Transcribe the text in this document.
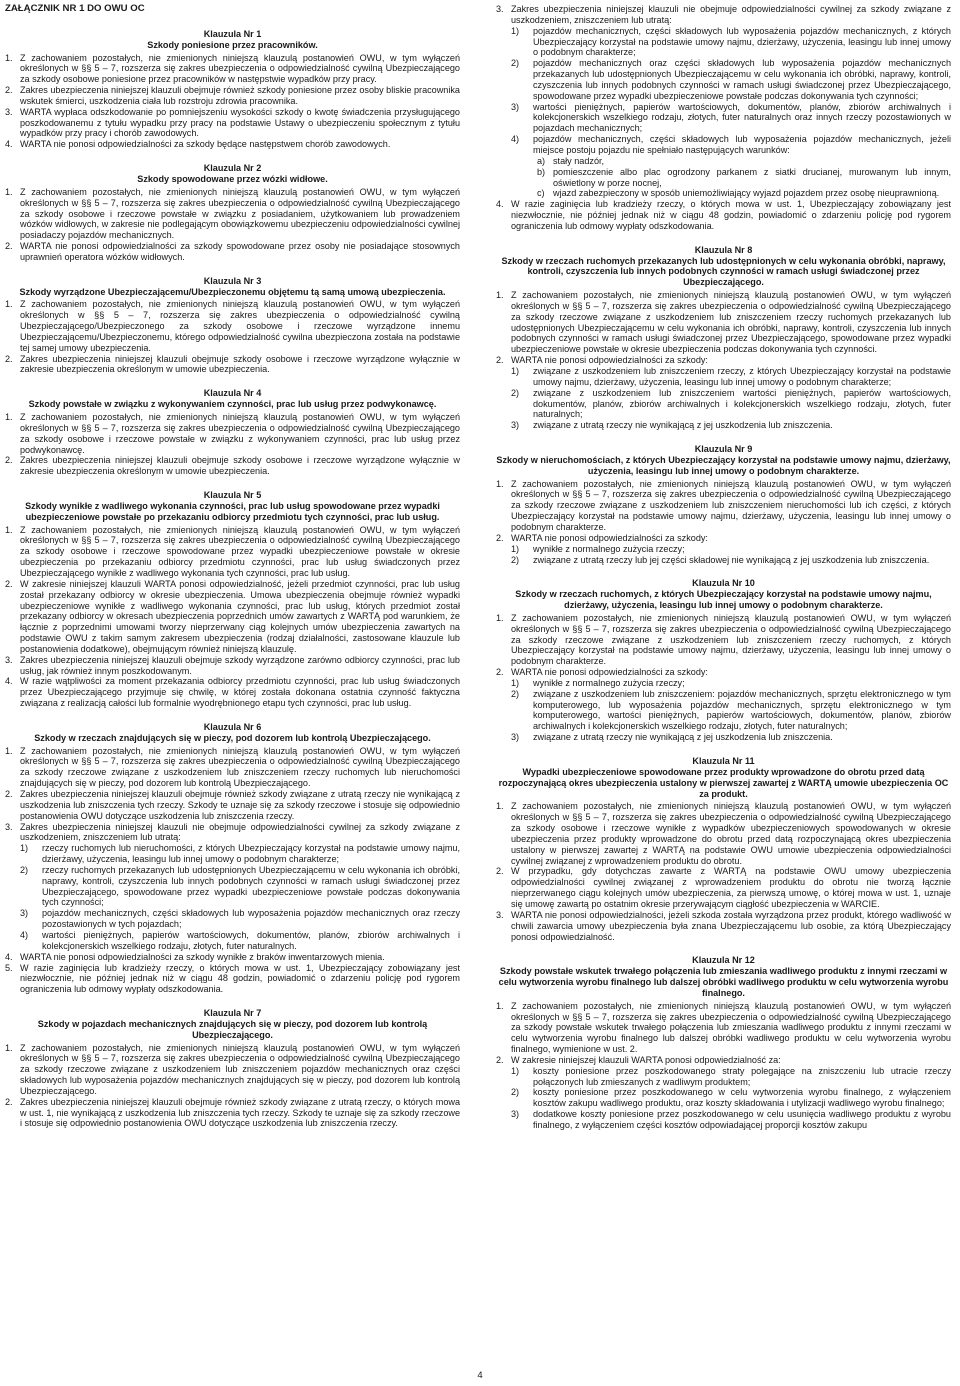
ZAŁĄCZNIK NR 1 DO OWU OC

Klauzula Nr 1

Szkody poniesione przez pracowników.

1. Z zachowaniem pozostałych, nie zmienionych niniejszą klauzulą postanowień OWU, w tym wyłączeń określonych w §§ 5 – 7, rozszerza się zakres ubezpieczenia o odpowiedzialność cywilną Ubezpieczającego za szkody osobowe poniesione przez pracowników w następstwie wypadków przy pracy.
2. Zakres ubezpieczenia niniejszej klauzuli obejmuje również szkody poniesione przez osoby bliskie pracownika wskutek śmierci, uszkodzenia ciała lub rozstroju zdrowia pracownika.
3. WARTA wypłaca odszkodowanie po pomniejszeniu wysokości szkody o kwotę świadczenia przysługującego poszkodowanemu z tytułu wypadku przy pracy na podstawie Ustawy o ubezpieczeniu społecznym z tytułu wypadków przy pracy i chorób zawodowych.
4. WARTA nie ponosi odpowiedzialności za szkody będące następstwem chorób zawodowych.

Klauzula Nr 2

Szkody spowodowane przez wózki widłowe.

1. Z zachowaniem pozostałych, nie zmienionych niniejszą klauzulą postanowień OWU, w tym wyłączeń określonych w §§ 5 – 7, rozszerza się zakres ubezpieczenia o odpowiedzialność cywilną Ubezpieczającego za szkody osobowe i rzeczowe powstałe w związku z posiadaniem, użytkowaniem lub prowadzeniem wózków widłowych, w zakresie nie podlegającym obowiązkowemu ubezpieczeniu odpowiedzialności cywilnej posiadaczy pojazdów mechanicznych.
2. WARTA nie ponosi odpowiedzialności za szkody spowodowane przez osoby nie posiadające stosownych uprawnień operatora wózków widłowych.

Klauzula Nr 3

Szkody wyrządzone Ubezpieczającemu/Ubezpieczonemu objętemu tą samą umową ubezpieczenia.

1. Z zachowaniem pozostałych, nie zmienionych niniejszą klauzulą postanowień OWU, w tym wyłączeń określonych w §§ 5 – 7, rozszerza się zakres ubezpieczenia o odpowiedzialność cywilną Ubezpieczającego/Ubezpieczonego za szkody osobowe i rzeczowe wyrządzone innemu Ubezpieczającemu/Ubezpieczonemu, którego odpowiedzialność cywilna ubezpieczona została na podstawie tej samej umowy ubezpieczenia.
2. Zakres ubezpieczenia niniejszej klauzuli obejmuje szkody osobowe i rzeczowe wyrządzone wyłącznie w zakresie ubezpieczenia określonym w umowie ubezpieczenia.

Klauzula Nr 4

Szkody powstałe w związku z wykonywaniem czynności, prac lub usług przez podwykonawcę.

1. Z zachowaniem pozostałych, nie zmienionych niniejszą klauzulą postanowień OWU, w tym wyłączeń określonych w §§ 5 – 7, rozszerza się zakres ubezpieczenia o odpowiedzialność cywilną Ubezpieczającego za szkody osobowe i rzeczowe powstałe w związku z wykonywaniem czynności, prac lub usług przez podwykonawcę.
2. Zakres ubezpieczenia niniejszej klauzuli obejmuje szkody osobowe i rzeczowe wyrządzone wyłącznie w zakresie ubezpieczenia określonym w umowie ubezpieczenia.

Klauzula Nr 5

Szkody wynikłe z wadliwego wykonania czynności, prac lub usług spowodowane przez wypadki ubezpieczeniowe powstałe po przekazaniu odbiorcy przedmiotu tych czynności, prac lub usług.

1. Z zachowaniem pozostałych, nie zmienionych niniejszą klauzulą postanowień OWU, w tym wyłączeń określonych w §§ 5 – 7, rozszerza się zakres ubezpieczenia o odpowiedzialność cywilną Ubezpieczającego za szkody osobowe i rzeczowe spowodowane przez wypadki ubezpieczeniowe powstałe w okresie ubezpieczenia po przekazaniu odbiorcy przedmiotu czynności, prac lub usług świadczonych przez Ubezpieczającego wynikłe z wadliwego wykonania tych czynności, prac lub usług.
2. W zakresie niniejszej klauzuli WARTA ponosi odpowiedzialność, jeżeli przedmiot czynności, prac lub usług został przekazany odbiorcy w okresie ubezpieczenia. Umowa ubezpieczenia obejmuje również wypadki ubezpieczeniowe wynikłe z wadliwego wykonania czynności, prac lub usług, których przedmiot został przekazany odbiorcy w okresach ubezpieczenia poprzednich umów zawartych z WARTĄ pod warunkiem, że łącznie z poprzednimi umowami tworzy nieprzerwany ciąg kolejnych umów ubezpieczenia zawartych na podstawie OWU z takim samym zakresem ubezpieczenia (rodzaj działalności, zastosowane klauzule lub postanowienia dodatkowe), obejmującym również niniejszą klauzulę.
3. Zakres ubezpieczenia niniejszej klauzuli obejmuje szkody wyrządzone zarówno odbiorcy czynności, prac lub usług, jak również innym poszkodowanym.
4. W razie wątpliwości za moment przekazania odbiorcy przedmiotu czynności, prac lub usług świadczonych przez Ubezpieczającego przyjmuje się chwilę, w której została dokonana ostatnia czynność faktyczna związana z realizacją całości lub formalnie wyodrębnionego etapu tych czynności, prac lub usług.

Klauzula Nr 6

Szkody w rzeczach znajdujących się w pieczy, pod dozorem lub kontrolą Ubezpieczającego.

1. Z zachowaniem pozostałych, nie zmienionych niniejszą klauzulą postanowień OWU, w tym wyłączeń określonych w §§ 5 – 7, rozszerza się zakres ubezpieczenia o odpowiedzialność cywilną Ubezpieczającego za szkody rzeczowe związane z uszkodzeniem lub zniszczeniem rzeczy ruchomych lub nieruchomości znajdujących się w pieczy, pod dozorem lub kontrolą Ubezpieczającego.
2. Zakres ubezpieczenia niniejszej klauzuli obejmuje również szkody związane z utratą rzeczy nie wynikającą z uszkodzenia lub zniszczenia tych rzeczy. Szkody te uznaje się za szkody rzeczowe i stosuje się odpowiednio postanowienia OWU dotyczące uszkodzenia lub zniszczenia rzeczy.
3. Zakres ubezpieczenia niniejszej klauzuli nie obejmuje odpowiedzialności cywilnej za szkody związane z uszkodzeniem, zniszczeniem lub utratą:
1) rzeczy ruchomych lub nieruchomości, z których Ubezpieczający korzystał na podstawie umowy najmu, dzierżawy, użyczenia, leasingu lub innej umowy o podobnym charakterze;
2) rzeczy ruchomych przekazanych lub udostępnionych Ubezpieczającemu w celu wykonania ich obróbki, naprawy, kontroli, czyszczenia lub innych podobnych czynności w ramach usługi świadczonej przez Ubezpieczającego, spowodowane przez wypadki ubezpieczeniowe powstałe podczas dokonywania tych czynności;
3) pojazdów mechanicznych, części składowych lub wyposażenia pojazdów mechanicznych oraz rzeczy pozostawionych w tych pojazdach;
4) wartości pieniężnych, papierów wartościowych, dokumentów, planów, zbiorów archiwalnych i kolekcjonerskich wszelkiego rodzaju, złotych, futer naturalnych.
4. WARTA nie ponosi odpowiedzialności za szkody wynikłe z braków inwentarzowych mienia.
5. W razie zaginięcia lub kradzieży rzeczy, o których mowa w ust. 1, Ubezpieczający zobowiązany jest niezwłocznie, nie później jednak niż w ciągu 48 godzin, powiadomić o zdarzeniu policję pod rygorem ograniczenia lub odmowy wypłaty odszkodowania.

Klauzula Nr 7

Szkody w pojazdach mechanicznych znajdujących się w pieczy, pod dozorem lub kontrolą Ubezpieczającego.

1. Z zachowaniem pozostałych, nie zmienionych niniejszą klauzulą postanowień OWU, w tym wyłączeń określonych w §§ 5 – 7, rozszerza się zakres ubezpieczenia o odpowiedzialność cywilną Ubezpieczającego za szkody rzeczowe związane z uszkodzeniem lub zniszczeniem pojazdów mechanicznych oraz części składowych lub wyposażenia pojazdów mechanicznych znajdujących się w pieczy, pod dozorem lub kontrolą Ubezpieczającego.
2. Zakres ubezpieczenia niniejszej klauzuli obejmuje również szkody związane z utratą rzeczy, o których mowa w ust. 1, nie wynikającą z uszkodzenia lub zniszczenia tych rzeczy. Szkody te uznaje się za szkody rzeczowe i stosuje się odpowiednio postanowienia OWU dotyczące uszkodzenia lub zniszczenia rzeczy.
3. Zakres ubezpieczenia niniejszej klauzuli nie obejmuje odpowiedzialności cywilnej za szkody związane z uszkodzeniem, zniszczeniem lub utratą:
1) pojazdów mechanicznych, części składowych lub wyposażenia pojazdów mechanicznych, z których Ubezpieczający korzystał na podstawie umowy najmu, dzierżawy, użyczenia, leasingu lub innej umowy o podobnym charakterze;
2) pojazdów mechanicznych oraz części składowych lub wyposażenia pojazdów mechanicznych przekazanych lub udostępnionych Ubezpieczającemu w celu wykonania ich obróbki, naprawy, kontroli, czyszczenia lub innych podobnych czynności w ramach usługi świadczonej przez Ubezpieczającego, spowodowane przez wypadki ubezpieczeniowe powstałe podczas dokonywania tych czynności;
3) wartości pieniężnych, papierów wartościowych, dokumentów, planów, zbiorów archiwalnych i kolekcjonerskich wszelkiego rodzaju, złotych, futer naturalnych oraz innych rzeczy pozostawionych w pojazdach mechanicznych;
4) pojazdów mechanicznych, części składowych lub wyposażenia pojazdów mechanicznych, jeżeli miejsce postoju pojazdu nie spełniało następujących warunków:
a) stały nadzór,
b) pomieszczenie albo plac ogrodzony parkanem z siatki drucianej, murowanym lub innym, oświetlony w porze nocnej,
c) wjazd zabezpieczony w sposób uniemożliwiający wyjazd pojazdem przez osobę nieuprawnioną.
4. W razie zaginięcia lub kradzieży rzeczy, o których mowa w ust. 1, Ubezpieczający zobowiązany jest niezwłocznie, nie później jednak niż w ciągu 48 godzin, powiadomić o zdarzeniu policję pod rygorem ograniczenia lub odmowy wypłaty odszkodowania.

Klauzula Nr 8

Szkody w rzeczach ruchomych przekazanych lub udostępnionych w celu wykonania obróbki, naprawy, kontroli, czyszczenia lub innych podobnych czynności w ramach usługi świadczonej przez Ubezpieczającego.

1. Z zachowaniem pozostałych, nie zmienionych niniejszą klauzulą postanowień OWU, w tym wyłączeń określonych w §§ 5 – 7, rozszerza się zakres ubezpieczenia o odpowiedzialność cywilną Ubezpieczającego za szkody rzeczowe związane z uszkodzeniem lub zniszczeniem rzeczy ruchomych przekazanych lub udostępnionych Ubezpieczającemu w celu wykonania ich obróbki, naprawy, kontroli, czyszczenia lub innych podobnych czynności w ramach usługi świadczonej przez Ubezpieczającego, spowodowane przez wypadki ubezpieczeniowe powstałe w okresie ubezpieczenia podczas dokonywania tych czynności.
2. WARTA nie ponosi odpowiedzialności za szkody:
1) związane z uszkodzeniem lub zniszczeniem rzeczy, z których Ubezpieczający korzystał na podstawie umowy najmu, dzierżawy, użyczenia, leasingu lub innej umowy o podobnym charakterze;
2) związane z uszkodzeniem lub zniszczeniem wartości pieniężnych, papierów wartościowych, dokumentów, planów, zbiorów archiwalnych i kolekcjonerskich wszelkiego rodzaju, złotych, futer naturalnych;
3) związane z utratą rzeczy nie wynikającą z jej uszkodzenia lub zniszczenia.

Klauzula Nr 9

Szkody w nieruchomościach, z których Ubezpieczający korzystał na podstawie umowy najmu, dzierżawy, użyczenia, leasingu lub innej umowy o podobnym charakterze.

1. Z zachowaniem pozostałych, nie zmienionych niniejszą klauzulą postanowień OWU, w tym wyłączeń określonych w §§ 5 – 7, rozszerza się zakres ubezpieczenia o odpowiedzialność cywilną Ubezpieczającego za szkody rzeczowe związane z uszkodzeniem lub zniszczeniem nieruchomości lub ich części, z których Ubezpieczający korzystał na podstawie umowy najmu, dzierżawy, użyczenia, leasingu lub innej umowy o podobnym charakterze.
2. WARTA nie ponosi odpowiedzialności za szkody:
1) wynikłe z normalnego zużycia rzeczy;
2) związane z utratą rzeczy lub jej części składowej nie wynikającą z jej uszkodzenia lub zniszczenia.

Klauzula Nr 10

Szkody w rzeczach ruchomych, z których Ubezpieczający korzystał na podstawie umowy najmu, dzierżawy, użyczenia, leasingu lub innej umowy o podobnym charakterze.

1. Z zachowaniem pozostałych, nie zmienionych niniejszą klauzulą postanowień OWU, w tym wyłączeń określonych w §§ 5 – 7, rozszerza się zakres ubezpieczenia o odpowiedzialność cywilną Ubezpieczającego za szkody rzeczowe związane z uszkodzeniem lub zniszczeniem rzeczy ruchomych, z których Ubezpieczający korzystał na podstawie umowy najmu, dzierżawy, użyczenia, leasingu lub innej umowy o podobnym charakterze.
2. WARTA nie ponosi odpowiedzialności za szkody:
1) wynikłe z normalnego zużycia rzeczy;
2) związane z uszkodzeniem lub zniszczeniem: pojazdów mechanicznych, sprzętu elektronicznego w tym komputerowego, lub wyposażenia pojazdów mechanicznych, sprzętu elektronicznego w tym komputerowego, wartości pieniężnych, papierów wartościowych, dokumentów, planów, zbiorów archiwalnych i kolekcjonerskich wszelkiego rodzaju, złotych, futer naturalnych;
3) związane z utratą rzeczy nie wynikającą z jej uszkodzenia lub zniszczenia.

Klauzula Nr 11

Wypadki ubezpieczeniowe spowodowane przez produkty wprowadzone do obrotu przed datą rozpoczynającą okres ubezpieczenia ustalony w pierwszej zawartej z WARTĄ umowie ubezpieczenia OC za produkt.

1. Z zachowaniem pozostałych, nie zmienionych niniejszą klauzulą postanowień OWU, w tym wyłączeń określonych w §§ 5 – 7, rozszerza się zakres ubezpieczenia o odpowiedzialność cywilną Ubezpieczającego za szkody osobowe i rzeczowe wynikłe z wypadków ubezpieczeniowych spowodowanych w okresie ubezpieczenia przez produkty wprowadzone do obrotu przed datą rozpoczynającą okres ubezpieczenia ustalony w pierwszej zawartej z WARTĄ na podstawie OWU umowie ubezpieczenia odpowiedzialności cywilnej związanej z wprowadzeniem produktu do obrotu.
2. W przypadku, gdy dotychczas zawarte z WARTĄ na podstawie OWU umowy ubezpieczenia odpowiedzialności cywilnej związanej z wprowadzeniem produktu do obrotu nie tworzą łącznie nieprzerwanego ciągu kolejnych umów ubezpieczenia, za pierwszą umowę, o której mowa w ust. 1, uznaje się umowę zawartą po ostatnim okresie przerywającym ciągłość ubezpieczenia w WARCIE.
3. WARTA nie ponosi odpowiedzialności, jeżeli szkoda została wyrządzona przez produkt, którego wadliwość w chwili zawarcia umowy ubezpieczenia była znana Ubezpieczającemu lub osobie, za którą Ubezpieczający ponosi odpowiedzialność.

Klauzula Nr 12

Szkody powstałe wskutek trwałego połączenia lub zmieszania wadliwego produktu z innymi rzeczami w celu wytworzenia wyrobu finalnego lub dalszej obróbki wadliwego produktu w celu wytworzenia wyrobu finalnego.

1. Z zachowaniem pozostałych, nie zmienionych niniejszą klauzulą postanowień OWU, w tym wyłączeń określonych w §§ 5 – 7, rozszerza się zakres ubezpieczenia o odpowiedzialność cywilną Ubezpieczającego za szkody powstałe wskutek trwałego połączenia lub zmieszania wadliwego produktu z innymi rzeczami w celu wytworzenia wyrobu finalnego lub dalszej obróbki wadliwego produktu w celu wytworzenia wyrobu finalnego, wymienione w ust. 2.
2. W zakresie niniejszej klauzuli WARTA ponosi odpowiedzialność za:
1) koszty poniesione przez poszkodowanego straty polegające na zniszczeniu lub utracie rzeczy połączonych lub zmieszanych z wadliwym produktem;
2) koszty poniesione przez poszkodowanego w celu wytworzenia wyrobu finalnego, z wyłączeniem kosztów zakupu wadliwego produktu, oraz koszty składowania i utylizacji wadliwego wyrobu finalnego;
3) dodatkowe koszty poniesione przez poszkodowanego w celu usunięcia wadliwego produktu z wyrobu finalnego, z wyłączeniem części kosztów odpowiadającej proporcji kosztów zakupu
4
